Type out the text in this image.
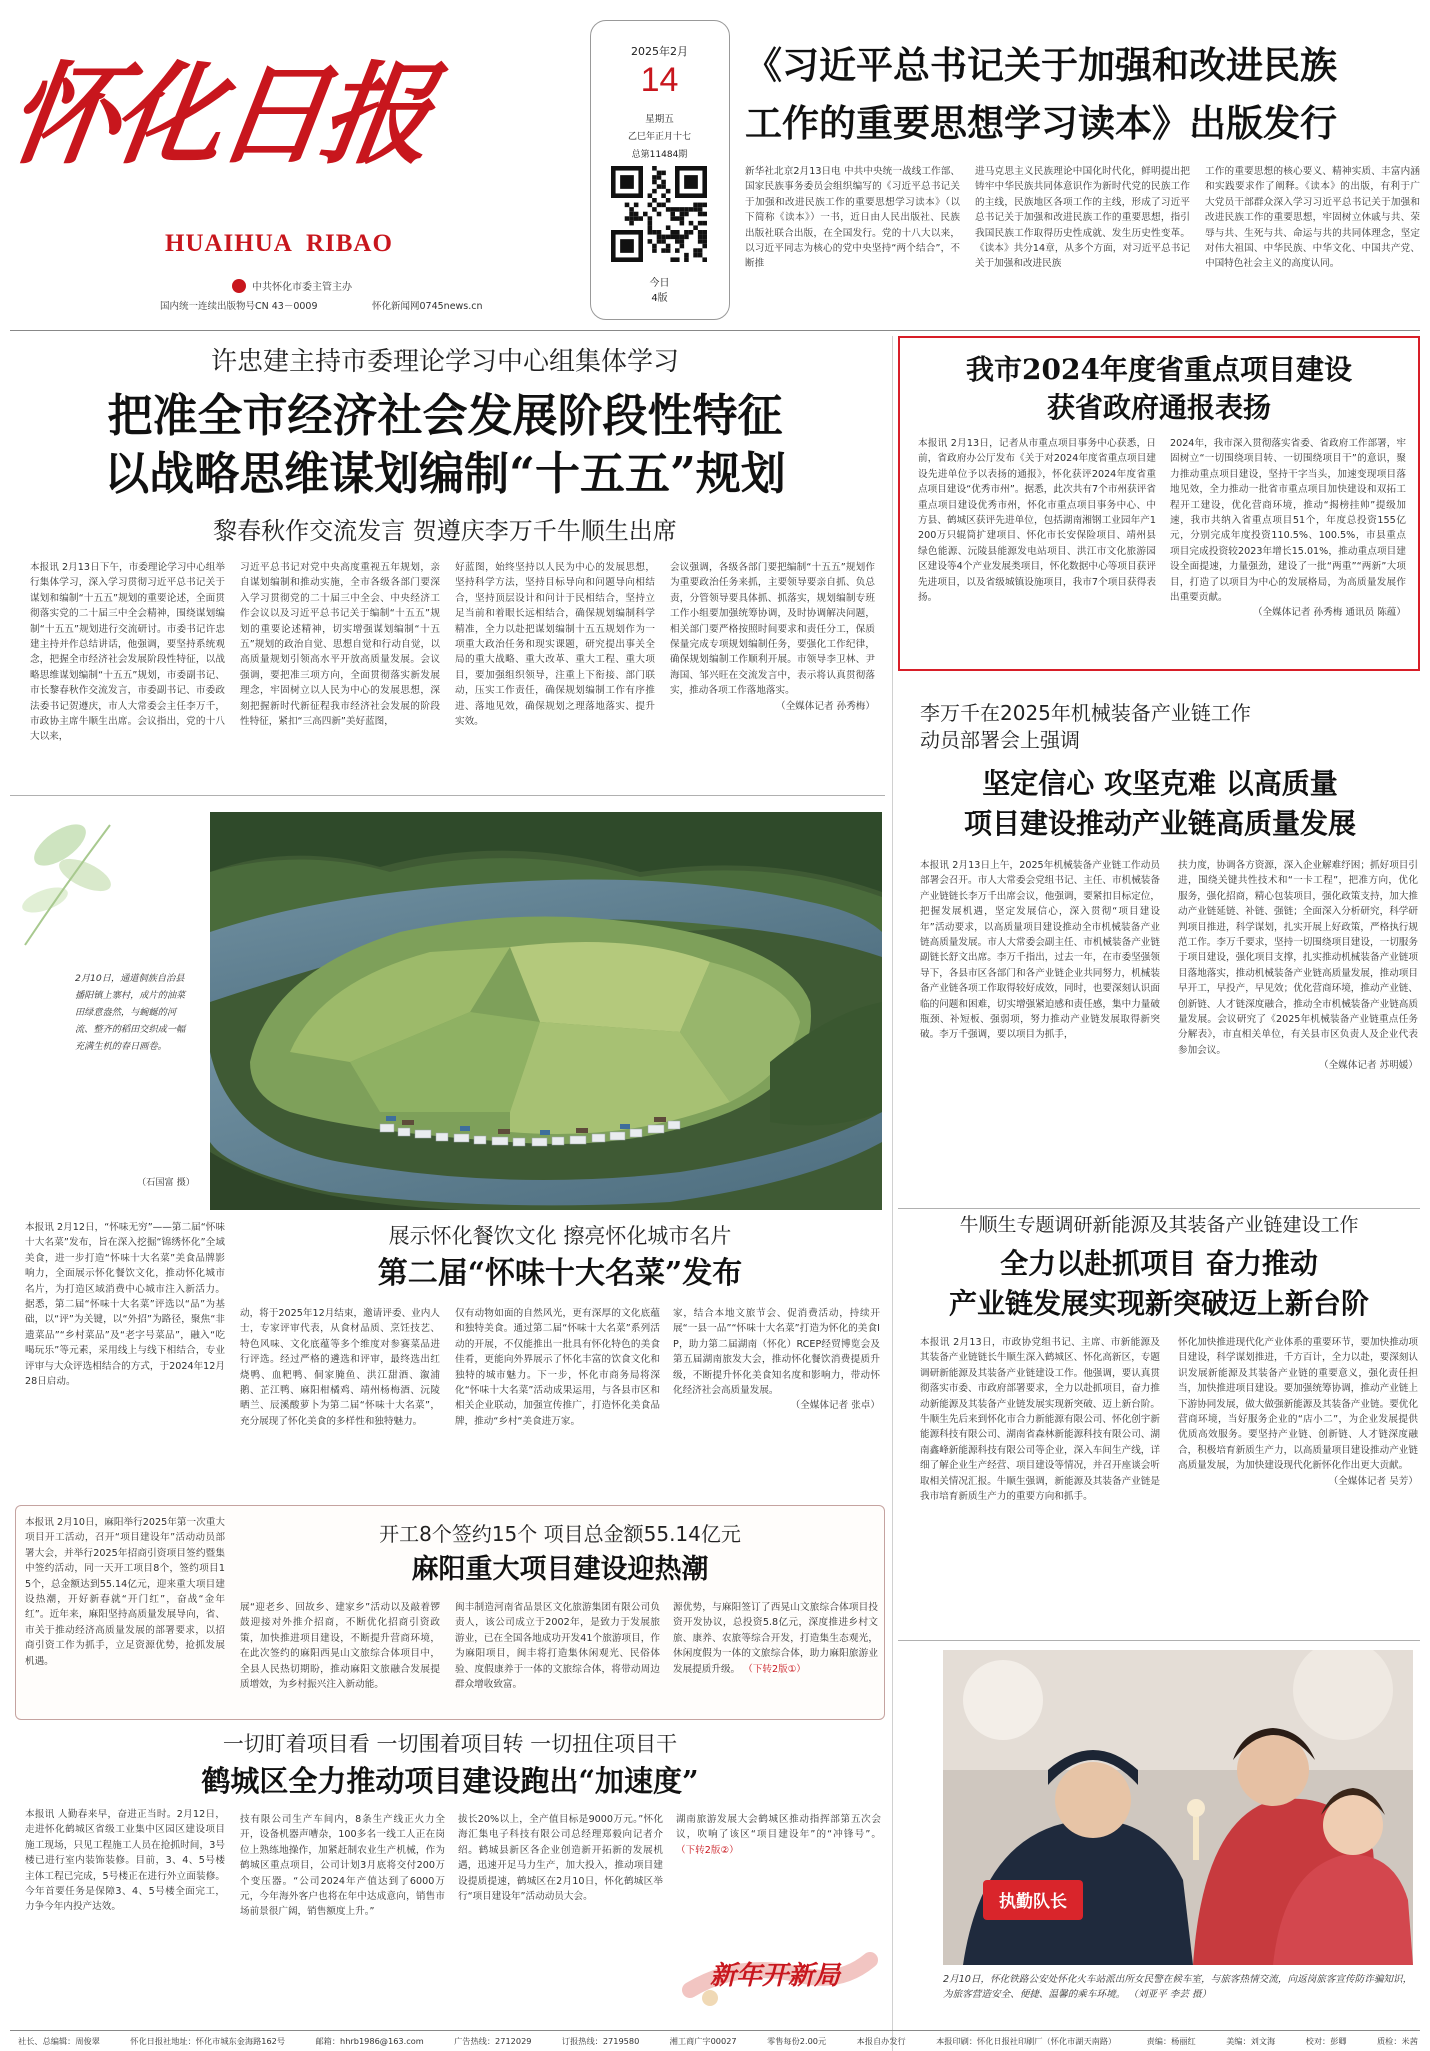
怀化日报
HUAIHUA  RIBAO
中共怀化市委主管主办
国内统一连续出版物号CN 43－0009	怀化新闻网0745news.cn
2025年2月
14
星期五
乙巳年正月十七
总第11484期
今日
4版
《习近平总书记关于加强和改进民族
工作的重要思想学习读本》出版发行
新华社北京2月13日电 中共中央统一战线工作部、国家民族事务委员会组织编写的《习近平总书记关于加强和改进民族工作的重要思想学习读本》（以下简称《读本》）一书，近日由人民出版社、民族出版社联合出版，在全国发行。党的十八大以来，以习近平同志为核心的党中央坚持“两个结合”，不断推
进马克思主义民族理论中国化时代化，鲜明提出把铸牢中华民族共同体意识作为新时代党的民族工作的主线，民族地区各项工作的主线，形成了习近平总书记关于加强和改进民族工作的重要思想，指引我国民族工作取得历史性成就、发生历史性变革。《读本》共分14章，从多个方面，对习近平总书记关于加强和改进民族
工作的重要思想的核心要义、精神实质、丰富内涵和实践要求作了阐释。《读本》的出版，有利于广大党员干部群众深入学习习近平总书记关于加强和改进民族工作的重要思想，牢固树立休戚与共、荣辱与共、生死与共、命运与共的共同体理念，坚定对伟大祖国、中华民族、中华文化、中国共产党、中国特色社会主义的高度认同。
许忠建主持市委理论学习中心组集体学习
把准全市经济社会发展阶段性特征
以战略思维谋划编制“十五五”规划
黎春秋作交流发言 贺遵庆李万千牛顺生出席
本报讯 2月13日下午，市委理论学习中心组举行集体学习，深入学习贯彻习近平总书记关于谋划和编制“十五五”规划的重要论述，全面贯彻落实党的二十届三中全会精神，围绕谋划编制“十五五”规划进行交流研讨。市委书记许忠建主持并作总结讲话，他强调，要坚持系统观念，把握全市经济社会发展阶段性特征，以战略思维谋划编制“十五五”规划，市委副书记、市长黎春秋作交流发言，市委副书记、市委政法委书记贺遵庆，市人大常委会主任李万千，市政协主席牛顺生出席。会议指出，党的十八大以来，
习近平总书记对党中央高度重视五年规划，亲自谋划编制和推动实施，全市各级各部门要深入学习贯彻党的二十届三中全会、中央经济工作会议以及习近平总书记关于编制“十五五”规划的重要论述精神，切实增强谋划编制“十五五”规划的政治自觉、思想自觉和行动自觉，以高质量规划引领高水平开放高质量发展。会议强调，要把准三项方向，全面贯彻落实新发展理念，牢固树立以人民为中心的发展思想，深刻把握新时代新征程我市经济社会发展的阶段性特征，紧扣“三高四新”美好蓝图，
好蓝图，始终坚持以人民为中心的发展思想，坚持科学方法，坚持目标导向和问题导向相结合，坚持顶层设计和问计于民相结合，坚持立足当前和着眼长远相结合，确保规划编制科学精准，全力以赴把谋划编制十五五规划作为一项重大政治任务和现实课题，研究提出事关全局的重大战略、重大改革、重大工程、重大项目，要加强组织领导，注重上下衔接、部门联动，压实工作责任，确保规划编制工作有序推进、落地见效，确保规划之理落地落实、提升实效。
会议强调，各级各部门要把编制“十五五”规划作为重要政治任务来抓，主要领导要亲自抓、负总责，分管领导要具体抓、抓落实，规划编制专班工作小组要加强统筹协调，及时协调解决问题，相关部门要严格按照时间要求和责任分工，保质保量完成专项规划编制任务，要强化工作纪律，确保规划编制工作顺利开展。市领导李卫林、尹海国、邹兴旺在交流发言中，表示将认真贯彻落实，推动各项工作落地落实。
（全媒体记者 孙秀梅）
我市2024年度省重点项目建设
获省政府通报表扬
本报讯 2月13日，记者从市重点项目事务中心获悉，日前，省政府办公厅发布《关于对2024年度省重点项目建设先进单位予以表扬的通报》，怀化获评2024年度省重点项目建设“优秀市州”。据悉，此次共有7个市州获评省重点项目建设优秀市州，怀化市重点项目事务中心、中方县、鹤城区获评先进单位，包括湖南湘钢工业园年产1200万只辊筒扩建项目、怀化市长安保险项目、靖州县绿色能源、沅陵县能源发电站项目、洪江市文化旅游园区建设等4个产业发展类项目，怀化数据中心等项目获评先进项目，以及省级城镇设施项目，我市7个项目获得表扬。
2024年，我市深入贯彻落实省委、省政府工作部署，牢固树立“一切围绕项目转、一切围绕项目干”的意识，聚力推动重点项目建设，坚持干字当头，加速变现项目落地见效，全力推动一批省市重点项目加快建设和双拓工程开工建设，优化营商环境，推动“揭榜挂帅”提级加速，我市共纳入省重点项目51个，年度总投资155亿元，分别完成年度投资110.5%、100.5%，市县重点项目完成投资较2023年增长15.01%，推动重点项目建设全面提速，力量强劲，建设了一批“两重”“两新”大项目，打造了以项目为中心的发展格局，为高质量发展作出重要贡献。
（全媒体记者 孙秀梅 通讯员 陈蕴）
李万千在2025年机械装备产业链工作
动员部署会上强调
坚定信心 攻坚克难 以高质量
项目建设推动产业链高质量发展
本报讯 2月13日上午，2025年机械装备产业链工作动员部署会召开。市人大常委会党组书记、主任、市机械装备产业链链长李万千出席会议，他强调，要紧扣目标定位，把握发展机遇，坚定发展信心，深入贯彻“项目建设年”活动要求，以高质量项目建设推动全市机械装备产业链高质量发展。市人大常委会副主任、市机械装备产业链副链长舒文出席。李万千指出，过去一年，在市委坚强领导下，各县市区各部门和各产业链企业共同努力，机械装备产业链各项工作取得较好成效，同时，也要深刻认识面临的问题和困难，切实增强紧迫感和责任感，集中力量破瓶颈、补短板、强弱项，努力推动产业链发展取得新突破。李万千强调，要以项目为抓手，
扶力度，协调各方资源，深入企业解难纾困；抓好项目引进，围绕关键共性技术和“一卡工程”，把准方向，优化服务，强化招商，精心包装项目，强化政策支持，加大推动产业链延链、补链、强链；全面深入分析研究，科学研判项目推进，科学谋划，扎实开展上好政策，严格执行规范工作。李万千要求，坚持一切围绕项目建设，一切服务于项目建设，强化项目支撑，扎实推动机械装备产业链项目落地落实，推动机械装备产业链高质量发展，推动项目早开工，早投产，早见效；优化营商环境，推动产业链、创新链、人才链深度融合，推动全市机械装备产业链高质量发展。会议研究了《2025年机械装备产业链重点任务分解表》，市直相关单位，有关县市区负责人及企业代表参加会议。
（全媒体记者 苏明媛）
2月10日，通道侗族自治县播阳镇上寨村，成片的油菜田绿意盎然，与蜿蜒的河流、整齐的稻田交织成一幅充满生机的春日画卷。
（石国富 摄）
本报讯 2月12日，“怀味无穷”——第二届“怀味十大名菜”发布，旨在深入挖掘“锦绣怀化”全域美食，进一步打造“怀味十大名菜”美食品牌影响力，全面展示怀化餐饮文化，推动怀化城市名片，为打造区域消费中心城市注入新活力。据悉，第二届“怀味十大名菜”评选以“品”为基础，以“评”为关键，以“外招”为路径，聚焦“非遗菜品”“乡村菜品”及“老字号菜品”，融入“吃喝玩乐”等元素，采用线上与线下相结合，专业评审与大众评选相结合的方式，于2024年12月28日启动。
展示怀化餐饮文化 擦亮怀化城市名片
第二届“怀味十大名菜”发布
动，将于2025年12月结束，邀请评委、业内人士，专家评审代表，从食材品质、烹饪技艺、特色风味、文化底蕴等多个维度对参赛菜品进行评选。经过严格的遴选和评审，最终选出红烧鸭、血粑鸭、侗家腌鱼、洪江甜酒、溆浦鹅、芷江鸭、麻阳柑橘鸡、靖州杨梅酒、沅陵晒兰、辰溪酸萝卜为第二届“怀味十大名菜”，充分展现了怀化美食的多样性和独特魅力。
仅有动物如面的自然风光，更有深厚的文化底蕴和独特美食。通过第二届“怀味十大名菜”系列活动的开展，不仅能推出一批具有怀化特色的美食佳肴，更能向外界展示了怀化丰富的饮食文化和独特的城市魅力。下一步，怀化市商务局将深化“怀味十大名菜”活动成果运用，与各县市区和相关企业联动，加强宣传推广，打造怀化美食品牌，推动“乡村“美食进万家。
家，结合本地文旅节会、促消费活动，持续开展“一县一品”“怀味十大名菜”打造为怀化的美食IP，助力第二届湖南（怀化）RCEP经贸博览会及第五届湖南旅发大会，推动怀化餐饮消费提质升级，不断提升怀化美食知名度和影响力，带动怀化经济社会高质量发展。
（全媒体记者 张卓）
牛顺生专题调研新能源及其装备产业链建设工作
全力以赴抓项目 奋力推动
产业链发展实现新突破迈上新台阶
本报讯 2月13日，市政协党组书记、主席、市新能源及其装备产业链链长牛顺生深入鹤城区、怀化高新区，专题调研新能源及其装备产业链建设工作。他强调，要认真贯彻落实市委、市政府部署要求，全力以赴抓项目，奋力推动新能源及其装备产业链发展实现新突破、迈上新台阶。牛顺生先后来到怀化市合力新能源有限公司、怀化创宇新能源科技有限公司、湖南省森林新能源科技有限公司、湖南鑫峰新能源科技有限公司等企业，深入车间生产线，详细了解企业生产经营、项目建设等情况，并召开座谈会听取相关情况汇报。牛顺生强调，新能源及其装备产业链是我市培育新质生产力的重要方向和抓手。
怀化加快推进现代化产业体系的重要环节，要加快推动项目建设，科学谋划推进，千方百计，全力以赴，要深刻认识发展新能源及其装备产业链的重要意义，强化责任担当，加快推进项目建设。要加强统筹协调，推动产业链上下游协同发展，做大做强新能源及其装备产业链。要优化营商环境，当好服务企业的“店小二”，为企业发展提供优质高效服务。要坚持产业链、创新链、人才链深度融合，积极培育新质生产力，以高质量项目建设推动产业链高质量发展，为加快建设现代化新怀化作出更大贡献。
（全媒体记者 吴芳）
本报讯 2月10日，麻阳举行2025年第一次重大项目开工活动，召开“项目建设年”活动动员部署大会，并举行2025年招商引资项目签约暨集中签约活动，同一天开工项目8个，签约项目15个，总金额达到55.14亿元，迎来重大项目建设热潮，开好新春就“开门红”，奋战“金年红”。近年来，麻阳坚持高质量发展导向，省、市关于推动经济高质量发展的部署要求，以招商引资工作为抓手，立足资源优势，抢抓发展机遇。
开工8个签约15个 项目总金额55.14亿元
麻阳重大项目建设迎热潮
展“迎老乡、回故乡、建家乡”活动以及敲着锣鼓迎接对外推介招商，不断优化招商引资政策，加快推进项目建设，不断提升营商环境，在此次签约的麻阳西晃山文旅综合体项目中，全县人民热切期盼，推动麻阳文旅融合发展提质增效，为乡村振兴注入新动能。
闽丰制造河南省品景区文化旅游集团有限公司负责人，该公司成立于2002年，是致力于发展旅游业，已在全国各地成功开发41个旅游项目，作为麻阳项目，闽丰将打造集休闲观光、民俗体验、度假康养于一体的文旅综合体，将带动周边群众增收致富。
源优势，与麻阳签订了西晃山文旅综合体项目投资开发协议，总投资5.8亿元，深度推进乡村文旅、康养、农旅等综合开发，打造集生态观光，休闲度假为一体的文旅综合体，助力麻阳旅游业发展提质升级。 （下转2版①）
一切盯着项目看 一切围着项目转 一切扭住项目干
鹤城区全力推动项目建设跑出“加速度”
本报讯 人勤春来早，奋进正当时。2月12日，走进怀化鹤城区省级工业集中区园区建设项目施工现场，只见工程施工人员在抢抓时间，3号楼已进行室内装饰装修。目前，3、4、5号楼主体工程已完成，5号楼正在进行外立面装修。今年首要任务是保障3、4、5号楼全面完工，力争今年内投产达效。
技有限公司生产车间内，8条生产线正火力全开，设备机器声嘈杂，100多名一线工人正在岗位上熟练地操作，加紧赶制农业生产机械，作为鹤城区重点项目，公司计划3月底将交付200万个变压器。“公司2024年产值达到了6000万元，今年海外客户也将在年中达成意向，销售市场前景很广阔，销售额度上升。”
拔长20%以上，全产值目标是9000万元。”怀化海汇集电子科技有限公司总经理郑毅向记者介绍。鹤城县新区各企业创造新开拓新的发展机遇，迅速开足马力生产，加大投入，推动项目建设提质提速，鹤城区在2月10日，怀化鹤城区举行“项目建设年”活动动员大会。
湖南旅游发展大会鹤城区推动指挥部第五次会议，吹响了该区“项目建设年”的“冲锋号”。 （下转2版②）
新年开新局
执勤队长
2月10日，怀化铁路公安处怀化火车站派出所女民警在候车室，与旅客热情交流，向返岗旅客宣传防诈骗知识，为旅客营造安全、便捷、温馨的乘车环境。 （刘亚平 李芸 摄）
社长、总编辑：周俊翠	怀化日报社地址：怀化市城东金海路162号	邮箱：hhrb1986@163.com	广告热线：2712029	订报热线：2719580	湘工商广字00027	零售每份2.00元	本报自办发行	本报印刷：怀化日报社印刷厂（怀化市湖天南路）	责编：杨丽红	美编：刘文海	校对：彭卿	质检：米茜
